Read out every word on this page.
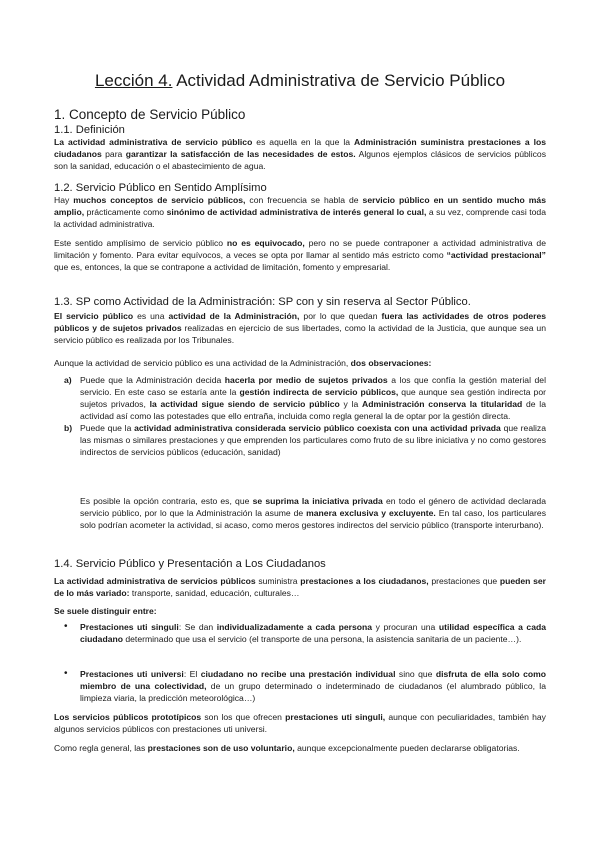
Lección 4. Actividad Administrativa de Servicio Público
1. Concepto de Servicio Público
1.1. Definición

La actividad administrativa de servicio público es aquella en la que la Administración suministra prestaciones a los ciudadanos para garantizar la satisfacción de las necesidades de estos. Algunos ejemplos clásicos de servicios públicos son la sanidad, educación o el abastecimiento de agua.

1.2. Servicio Público en Sentido Amplísimo

Hay muchos conceptos de servicio públicos, con frecuencia se habla de servicio público en un sentido mucho más amplio, prácticamente como sinónimo de actividad administrativa de interés general lo cual, a su vez, comprende casi toda la actividad administrativa.

Este sentido amplísimo de servicio público no es equivocado, pero no se puede contraponer a actividad administrativa de limitación y fomento. Para evitar equívocos, a veces se opta por llamar al sentido más estricto como “actividad prestacional” que es, entonces, la que se contrapone a actividad de limitación, fomento y empresarial.

1.3. SP como Actividad de la Administración: SP con y sin reserva al Sector Público.

El servicio público es una actividad de la Administración, por lo que quedan fuera las actividades de otros poderes públicos y de sujetos privados realizadas en ejercicio de sus libertades, como la actividad de la Justicia, que aunque sea un servicio público es realizada por los Tribunales.

Aunque la actividad de servicio público es una actividad de la Administración, dos observaciones:

a) Puede que la Administración decida hacerla por medio de sujetos privados a los que confía la gestión material del servicio. En este caso se estaría ante la gestión indirecta de servicio públicos, que aunque sea gestión indirecta por sujetos privados, la actividad sigue siendo de servicio público y la Administración conserva la titularidad de la actividad así como las potestades que ello entraña, incluida como regla general la de optar por la gestión directa.

b) Puede que la actividad administrativa considerada servicio público coexista con una actividad privada que realiza las mismas o similares prestaciones y que emprenden los particulares como fruto de su libre iniciativa y no como gestores indirectos de servicios públicos (educación, sanidad)

Es posible la opción contraria, esto es, que se suprima la iniciativa privada en todo el género de actividad declarada servicio público, por lo que la Administración la asume de manera exclusiva y excluyente. En tal caso, los particulares solo podrían acometer la actividad, si acaso, como meros gestores indirectos del servicio público (transporte interurbano).

1.4. Servicio Público y Presentación a Los Ciudadanos

La actividad administrativa de servicios públicos suministra prestaciones a los ciudadanos, prestaciones que pueden ser de lo más variado: transporte, sanidad, educación, culturales…

Se suele distinguir entre:

• Prestaciones uti singuli: Se dan individualizadamente a cada persona y procuran una utilidad específica a cada ciudadano determinado que usa el servicio (el transporte de una persona, la asistencia sanitaria de un paciente…).

• Prestaciones uti universi: El ciudadano no recibe una prestación individual sino que disfruta de ella solo como miembro de una colectividad, de un grupo determinado o indeterminado de ciudadanos (el alumbrado público, la limpieza viaria, la predicción meteorológica…)

Los servicios públicos prototípicos son los que ofrecen prestaciones uti singuli, aunque con peculiaridades, también hay algunos servicios públicos con prestaciones uti universi.

Como regla general, las prestaciones son de uso voluntario, aunque excepcionalmente pueden declararse obligatorias.
